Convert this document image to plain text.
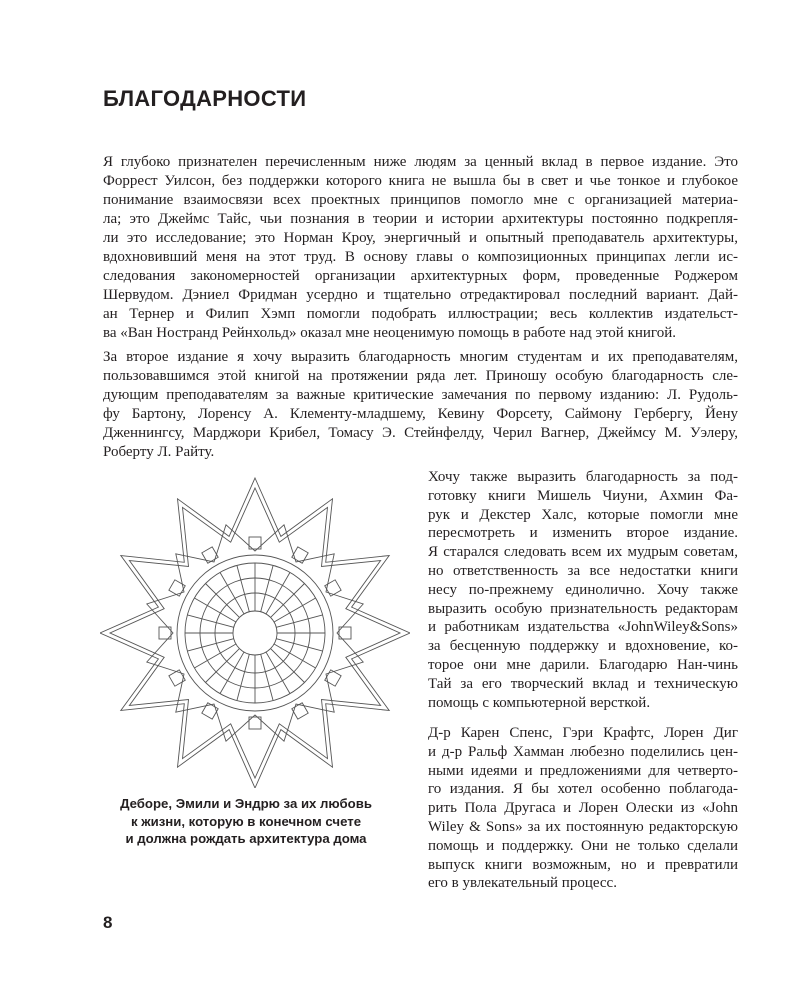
БЛАГОДАРНОСТИ
Я глубоко признателен перечисленным ниже людям за ценный вклад в первое издание. Это
Форрест Уилсон, без поддержки которого книга не вышла бы в свет и чье тонкое и глубокое
понимание взаимосвязи всех проектных принципов помогло мне с организацией материа-
ла; это Джеймс Тайс, чьи познания в теории и истории архитектуры постоянно подкрепля-
ли это исследование; это Норман Кроу, энергичный и опытный преподаватель архитектуры,
вдохновивший меня на этот труд. В основу главы о композиционных принципах легли ис-
следования закономерностей организации архитектурных форм, проведенные Роджером
Шервудом. Дэниел Фридман усердно и тщательно отредактировал последний вариант. Дай-
ан Тернер и Филип Хэмп помогли подобрать иллюстрации; весь коллектив издательст-
ва «Ван Ностранд Рейнхольд» оказал мне неоценимую помощь в работе над этой книгой.
За второе издание я хочу выразить благодарность многим студентам и их преподавателям,
пользовавшимся этой книгой на протяжении ряда лет. Приношу особую благодарность сле-
дующим преподавателям за важные критические замечания по первому изданию: Л. Рудоль-
фу Бартону, Лоренсу А. Клементу-младшему, Кевину Форсету, Саймону Гербергу, Йену
Дженнингсу, Марджори Крибел, Томасу Э. Стейнфелду, Черил Вагнер, Джеймсу М. Уэлеру,
Роберту Л. Райту.
Хочу также выразить благодарность за под-
готовку книги Мишель Чиуни, Ахмин Фа-
рук и Декстер Халс, которые помогли мне
пересмотреть и изменить второе издание.
Я старался следовать всем их мудрым советам,
но ответственность за все недостатки книги
несу по-прежнему единолично. Хочу также
выразить особую признательность редакторам
и работникам издательства «JohnWiley&Sons»
за бесценную поддержку и вдохновение, ко-
торое они мне дарили. Благодарю Нан-чинь
Тай за его творческий вклад и техническую
помощь с компьютерной версткой.
Д-р Карен Спенс, Гэри Крафтс, Лорен Диг
и д-р Ральф Хамман любезно поделились цен-
ными идеями и предложениями для четверто-
го издания. Я бы хотел особенно поблагода-
рить Пола Другаса и Лорен Олески из «John
Wiley & Sons» за их постоянную редакторскую
помощь и поддержку. Они не только сделали
выпуск книги возможным, но и превратили
его в увлекательный процесс.
Деборе, Эмили и Эндрю за их любовь
к жизни, которую в конечном счете
и должна рождать архитектура дома
8
